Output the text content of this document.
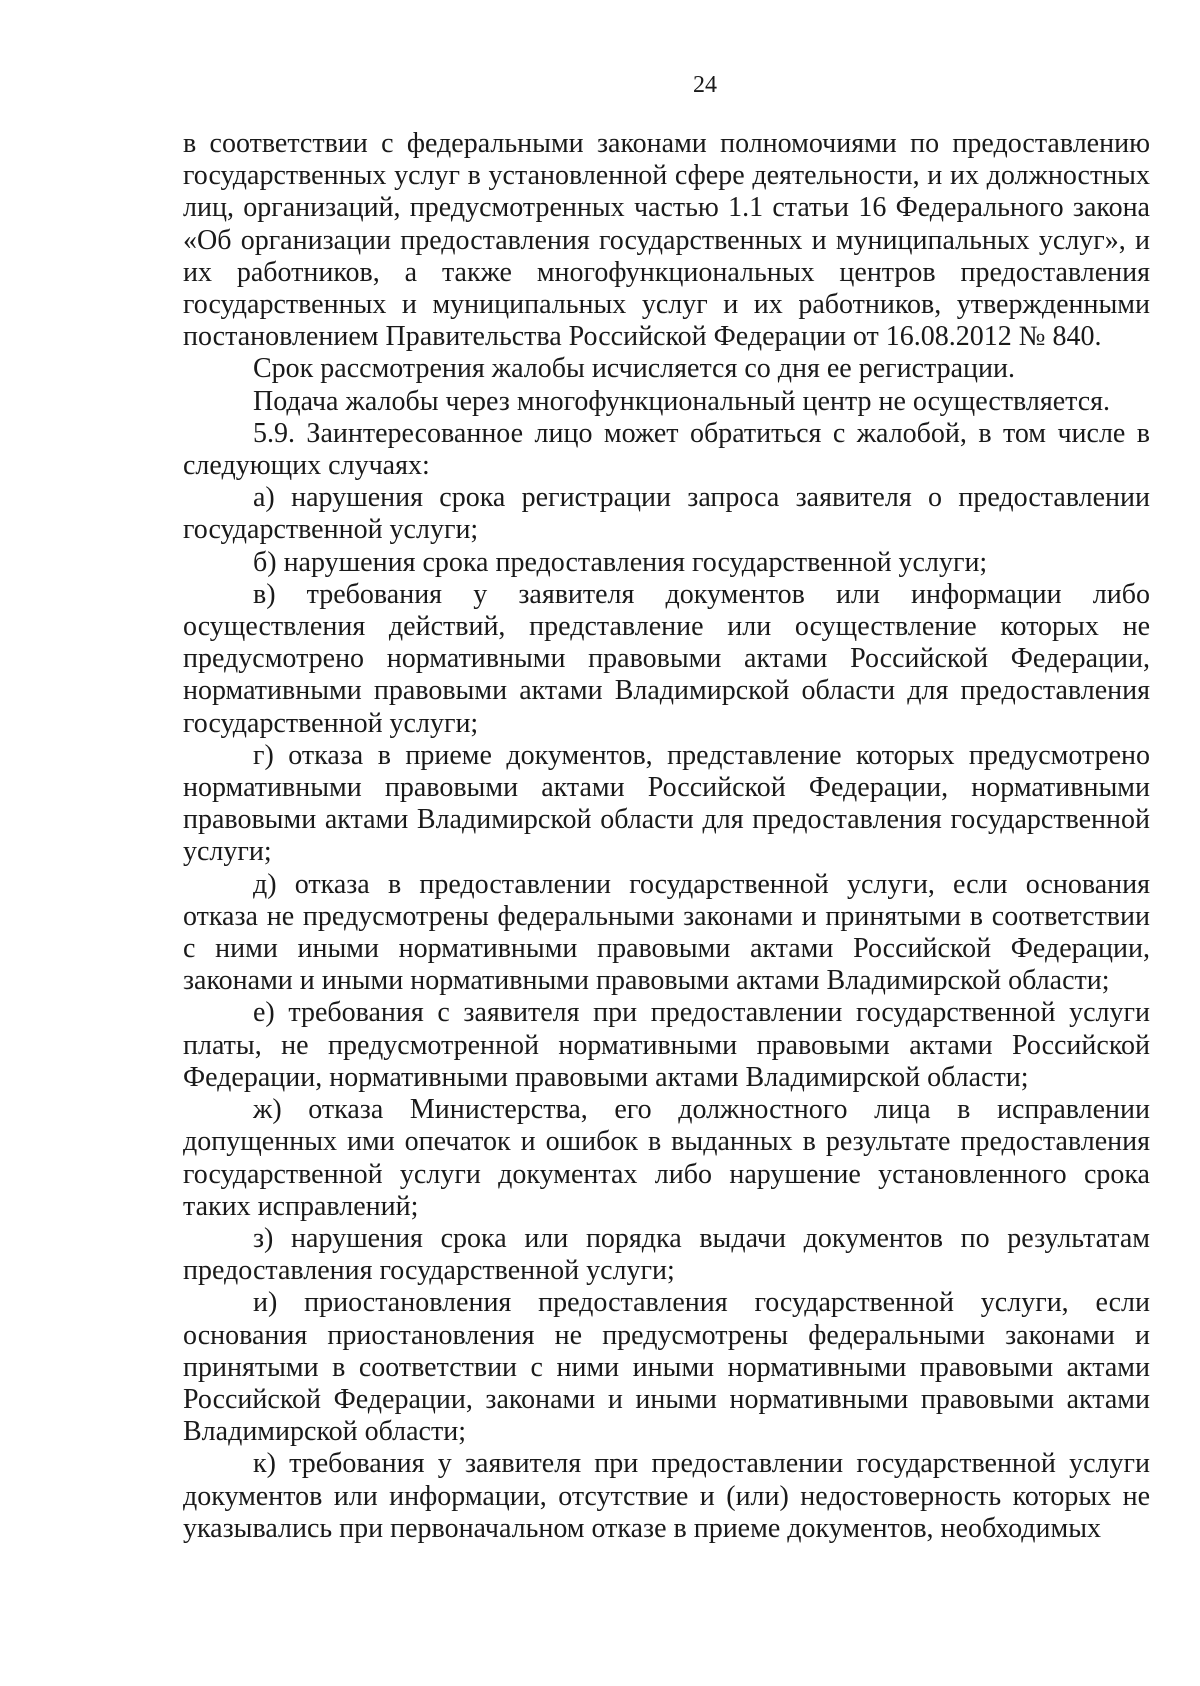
24

в соответствии с федеральными законами полномочиями по предоставлению государственных услуг в установленной сфере деятельности, и их должностных лиц, организаций, предусмотренных частью 1.1 статьи 16 Федерального закона «Об организации предоставления государственных и муниципальных услуг», и их работников, а также многофункциональных центров предоставления государственных и муниципальных услуг и их работников, утвержденными постановлением Правительства Российской Федерации от 16.08.2012 № 840.

Срок рассмотрения жалобы исчисляется со дня ее регистрации.

Подача жалобы через многофункциональный центр не осуществляется.

5.9. Заинтересованное лицо может обратиться с жалобой, в том числе в следующих случаях:

а) нарушения срока регистрации запроса заявителя о предоставлении государственной услуги;

б) нарушения срока предоставления государственной услуги;

в) требования у заявителя документов или информации либо осуществления действий, представление или осуществление которых не предусмотрено нормативными правовыми актами Российской Федерации, нормативными правовыми актами Владимирской области для предоставления государственной услуги;

г) отказа в приеме документов, представление которых предусмотрено нормативными правовыми актами Российской Федерации, нормативными правовыми актами Владимирской области для предоставления государственной услуги;

д) отказа в предоставлении государственной услуги, если основания отказа не предусмотрены федеральными законами и принятыми в соответствии с ними иными нормативными правовыми актами Российской Федерации, законами и иными нормативными правовыми актами Владимирской области;

е) требования с заявителя при предоставлении государственной услуги платы, не предусмотренной нормативными правовыми актами Российской Федерации, нормативными правовыми актами Владимирской области;

ж) отказа Министерства, его должностного лица в исправлении допущенных ими опечаток и ошибок в выданных в результате предоставления государственной услуги документах либо нарушение установленного срока таких исправлений;

з) нарушения срока или порядка выдачи документов по результатам предоставления государственной услуги;

и) приостановления предоставления государственной услуги, если основания приостановления не предусмотрены федеральными законами и принятыми в соответствии с ними иными нормативными правовыми актами Российской Федерации, законами и иными нормативными правовыми актами Владимирской области;

к) требования у заявителя при предоставлении государственной услуги документов или информации, отсутствие и (или) недостоверность которых не указывались при первоначальном отказе в приеме документов, необходимых
